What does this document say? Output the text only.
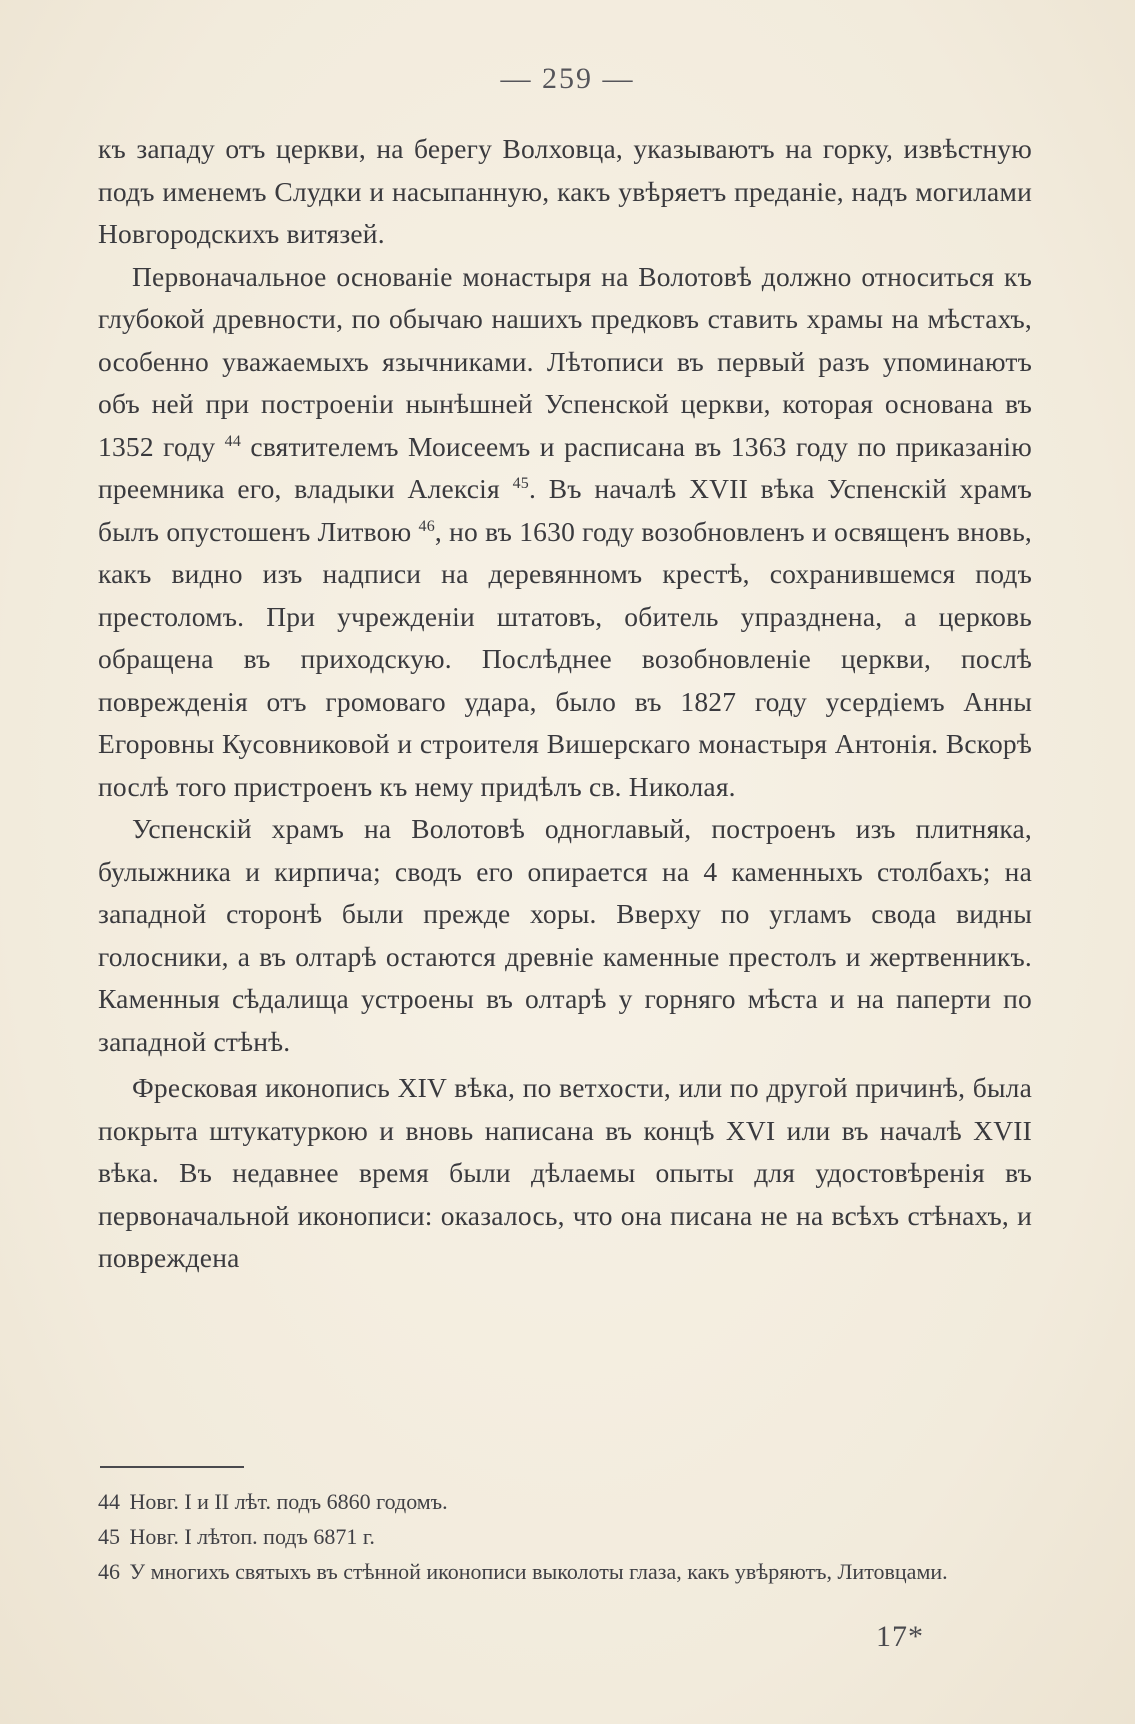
— 259 —

къ западу отъ церкви, на берегу Волховца, указываютъ на горку, извѣстную подъ именемъ Слудки и насыпанную, какъ увѣряетъ преданіе, надъ могилами Новгородскихъ витязей.

Первоначальное основаніе монастыря на Волотовѣ должно относиться къ глубокой древности, по обычаю нашихъ предковъ ставить храмы на мѣстахъ, особенно уважаемыхъ язычниками. Лѣтописи въ первый разъ упоминаютъ объ ней при построеніи нынѣшней Успенской церкви, которая основана въ 1352 году $^{44}$ святителемъ Моисеемъ и расписана въ 1363 году по приказанію преемника его, владыки Алексія $^{45}$. Въ началѣ XVII вѣка Успенскій храмъ былъ опустошенъ Литвою $^{46}$, но въ 1630 году возобновленъ и освященъ вновь, какъ видно изъ надписи на деревянномъ крестѣ, сохранившемся подъ престоломъ. При учрежденіи штатовъ, обитель упразднена, а церковь обращена въ приходскую. Послѣднее возобновленіе церкви, послѣ поврежденія отъ громоваго удара, было въ 1827 году усердіемъ Анны Егоровны Кусовниковой и строителя Вишерскаго монастыря Антонія. Вскорѣ послѣ того пристроенъ къ нему придѣлъ св. Николая.

Успенскій храмъ на Волотовѣ одноглавый, построенъ изъ плитняка, булыжника и кирпича; сводъ его опирается на 4 каменныхъ столбахъ; на западной сторонѣ были прежде хоры. Вверху по угламъ свода видны голосники, а въ олтарѣ остаются древніе каменные престолъ и жертвенникъ. Каменныя сѣдалища устроены въ олтарѣ у горняго мѣста и на паперти по западной стѣнѣ.

Фресковая иконопись XIV вѣка, по ветхости, или по другой причинѣ, была покрыта штукатуркою и вновь написана въ концѣ XVI или въ началѣ XVII вѣка. Въ недавнее время были дѣлаемы опыты для удостовѣренія въ первоначальной иконописи: оказалось, что она писана не на всѣхъ стѣнахъ, и повреждена

44 Новг. I и II лѣт. подъ 6860 годомъ.

45 Новг. I лѣтоп. подъ 6871 г.

46 У многихъ святыхъ въ стѣнной иконописи выколоты глаза, какъ увѣряютъ, Литовцами.

17*
